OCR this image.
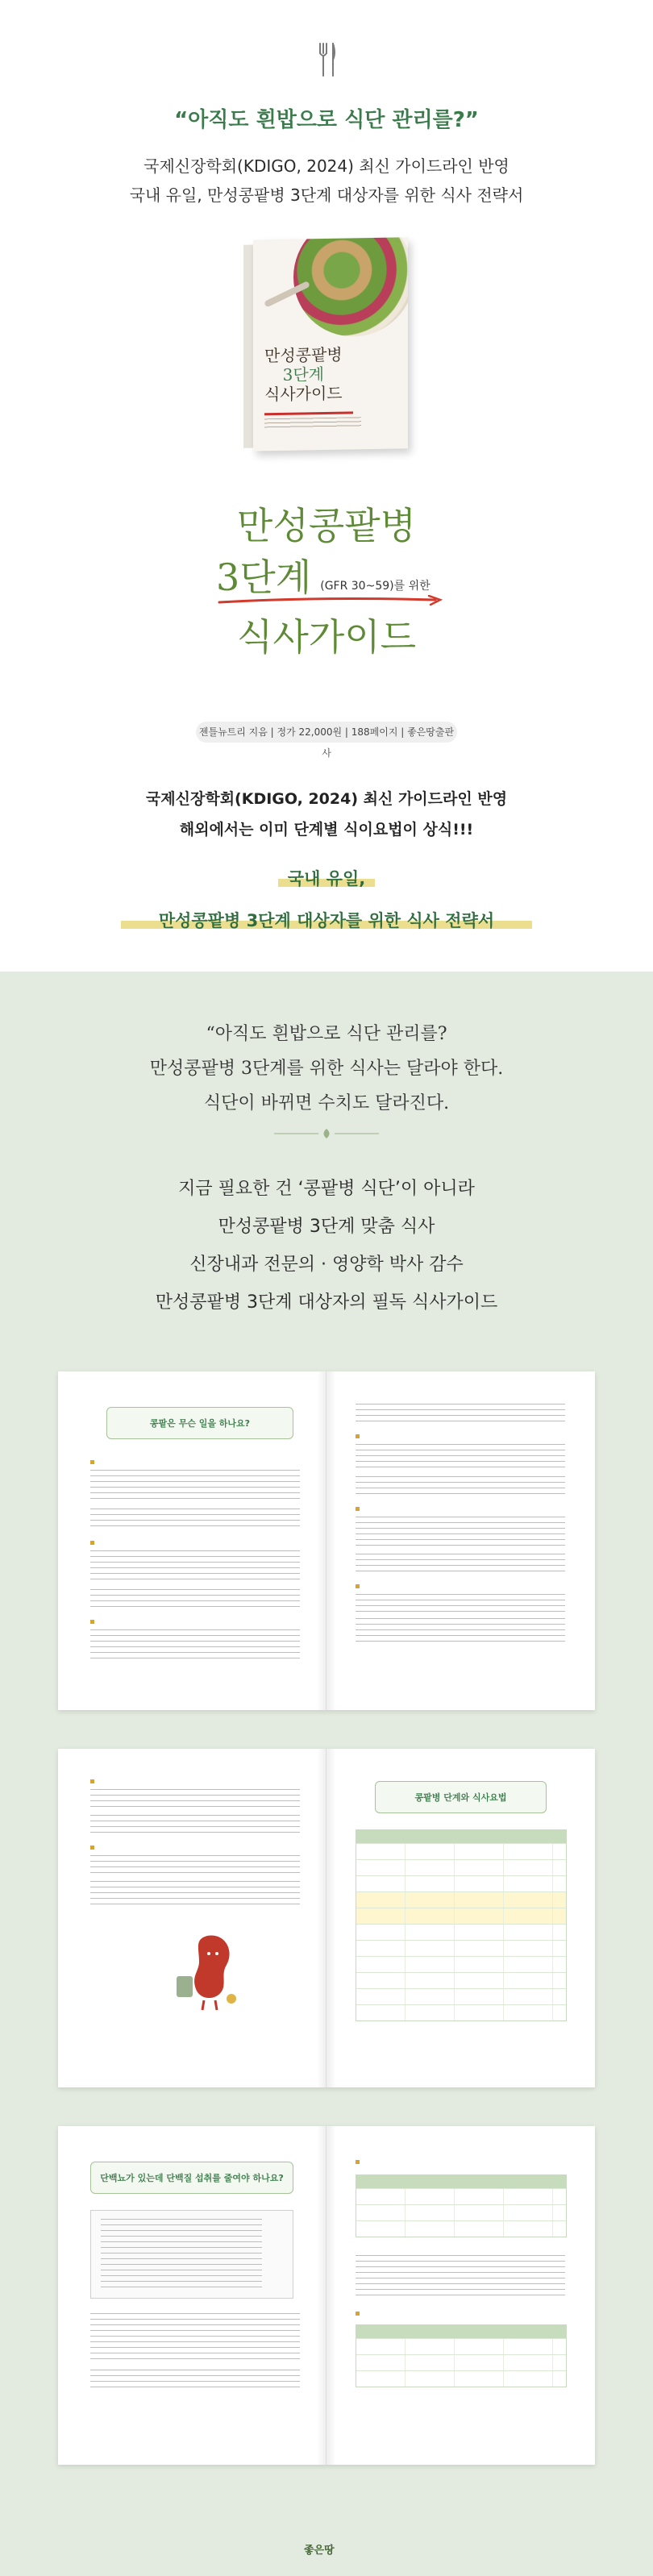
“아직도 흰밥으로 식단 관리를?”
국제신장학회(KDIGO, 2024) 최신 가이드라인 반영
국내 유일, 만성콩팥병 3단계 대상자를 위한 식사 전략서
만성콩팥병
3단계
식사가이드
만성콩팥병
3단계 (GFR 30~59)를 위한
식사가이드
젠틀뉴트리 지음 | 정가 22,000원 | 188페이지 | 좋은땅출판사
국제신장학회(KDIGO, 2024) 최신 가이드라인 반영
해외에서는 이미 단계별 식이요법이 상식!!!
국내 유일,
만성콩팥병 3단계 대상자를 위한 식사 전략서
“아직도 흰밥으로 식단 관리를?
만성콩팥병 3단계를 위한 식사는 달라야 한다.
식단이 바뀌면 수치도 달라진다.
지금 필요한 건 ‘콩팥병 식단’이 아니라
만성콩팥병 3단계 맞춤 식사
신장내과 전문의 · 영양학 박사 감수
만성콩팥병 3단계 대상자의 필독 식사가이드
콩팥은 무슨 일을 하나요?
콩팥병 단계와 식사요법
단백뇨가 있는데 단백질 섭취를 줄여야 하나요?
좋은땅
